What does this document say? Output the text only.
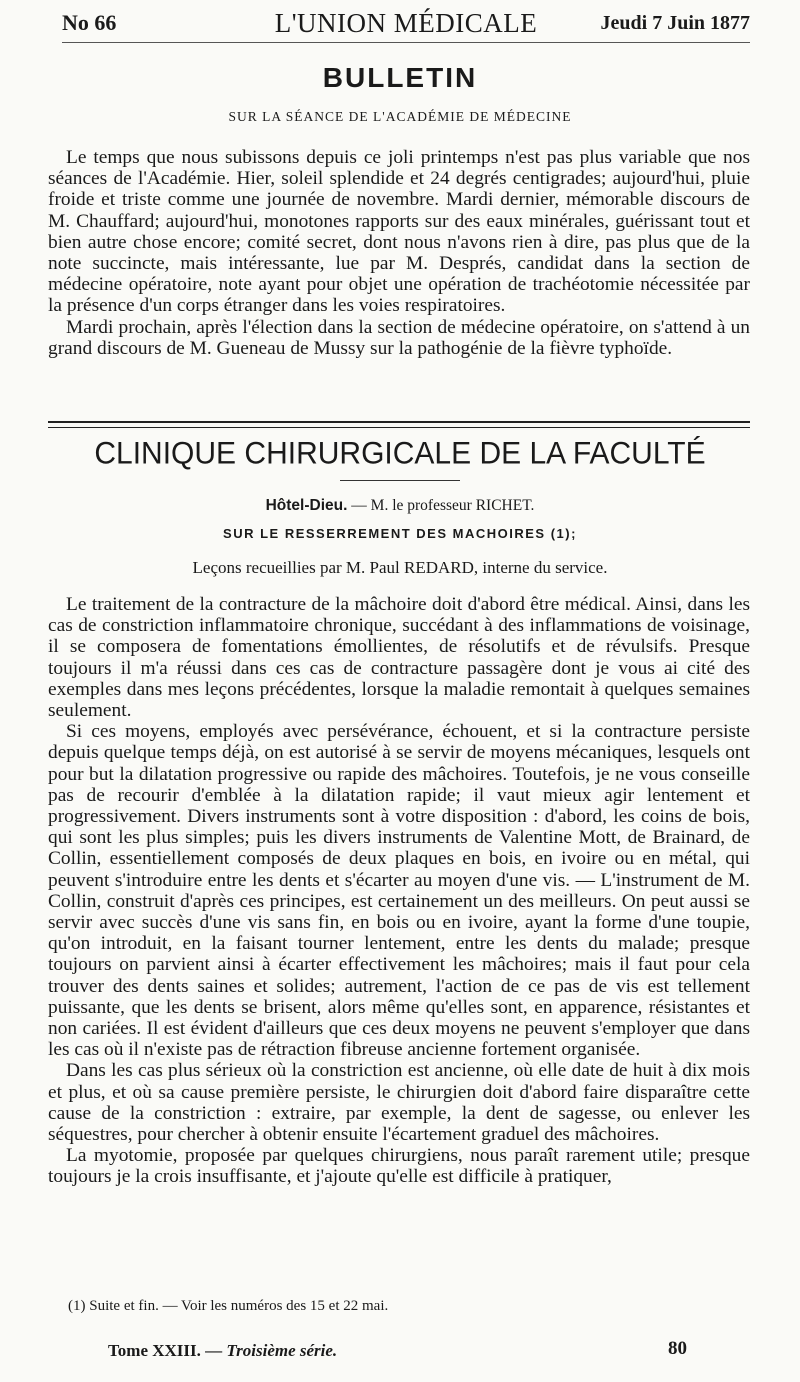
No 66	L'UNION MÉDICALE	Jeudi 7 Juin 1877
BULLETIN
SUR LA SÉANCE DE L'ACADÉMIE DE MÉDECINE

Le temps que nous subissons depuis ce joli printemps n'est pas plus variable que nos séances de l'Académie. Hier, soleil splendide et 24 degrés centigrades; aujourd'hui, pluie froide et triste comme une journée de novembre. Mardi dernier, mémorable discours de M. Chauffard; aujourd'hui, monotones rapports sur des eaux minérales, guérissant tout et bien autre chose encore; comité secret, dont nous n'avons rien à dire, pas plus que de la note succincte, mais intéressante, lue par M. Després, candidat dans la section de médecine opératoire, note ayant pour objet une opération de trachéotomie nécessitée par la présence d'un corps étranger dans les voies respiratoires.

Mardi prochain, après l'élection dans la section de médecine opératoire, on s'attend à un grand discours de M. Gueneau de Mussy sur la pathogénie de la fièvre typhoïde.

CLINIQUE CHIRURGICALE DE LA FACULTÉ
Hôtel-Dieu. — M. le professeur RICHET.
SUR LE RESSERREMENT DES MACHOIRES (1);
Leçons recueillies par M. Paul REDARD, interne du service.

Le traitement de la contracture de la mâchoire doit d'abord être médical. Ainsi, dans les cas de constriction inflammatoire chronique, succédant à des inflammations de voisinage, il se composera de fomentations émollientes, de résolutifs et de révulsifs. Presque toujours il m'a réussi dans ces cas de contracture passagère dont je vous ai cité des exemples dans mes leçons précédentes, lorsque la maladie remontait à quelques semaines seulement.

Si ces moyens, employés avec persévérance, échouent, et si la contracture persiste depuis quelque temps déjà, on est autorisé à se servir de moyens mécaniques, lesquels ont pour but la dilatation progressive ou rapide des mâchoires. Toutefois, je ne vous conseille pas de recourir d'emblée à la dilatation rapide; il vaut mieux agir lentement et progressivement. Divers instruments sont à votre disposition : d'abord, les coins de bois, qui sont les plus simples; puis les divers instruments de Valentine Mott, de Brainard, de Collin, essentiellement composés de deux plaques en bois, en ivoire ou en métal, qui peuvent s'introduire entre les dents et s'écarter au moyen d'une vis. — L'instrument de M. Collin, construit d'après ces principes, est certainement un des meilleurs. On peut aussi se servir avec succès d'une vis sans fin, en bois ou en ivoire, ayant la forme d'une toupie, qu'on introduit, en la faisant tourner lentement, entre les dents du malade; presque toujours on parvient ainsi à écarter effectivement les mâchoires; mais il faut pour cela trouver des dents saines et solides; autrement, l'action de ce pas de vis est tellement puissante, que les dents se brisent, alors même qu'elles sont, en apparence, résistantes et non cariées. Il est évident d'ailleurs que ces deux moyens ne peuvent s'employer que dans les cas où il n'existe pas de rétraction fibreuse ancienne fortement organisée.

Dans les cas plus sérieux où la constriction est ancienne, où elle date de huit à dix mois et plus, et où sa cause première persiste, le chirurgien doit d'abord faire disparaître cette cause de la constriction : extraire, par exemple, la dent de sagesse, ou enlever les séquestres, pour chercher à obtenir ensuite l'écartement graduel des mâchoires.

La myotomie, proposée par quelques chirurgiens, nous paraît rarement utile; presque toujours je la crois insuffisante, et j'ajoute qu'elle est difficile à pratiquer,

(1) Suite et fin. — Voir les numéros des 15 et 22 mai.
Tome XXIII. — Troisième série.	80
